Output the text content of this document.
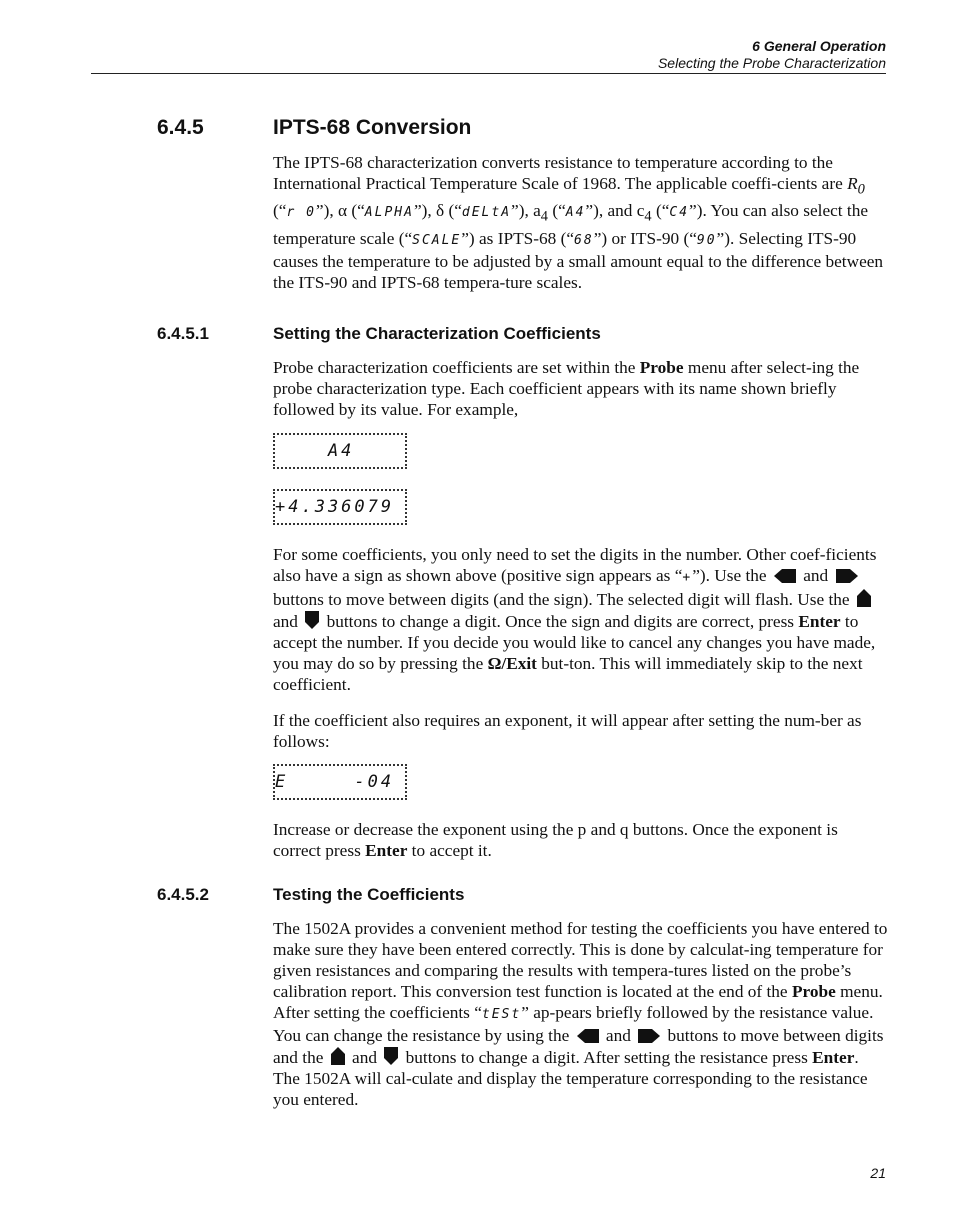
6 General Operation
Selecting the Probe Characterization
6.4.5	IPTS-68 Conversion

The IPTS-68 characterization converts resistance to temperature according to the International Practical Temperature Scale of 1968. The applicable coeffi-cients are $R_0$ (“r 0”), α (“ALPHA”), δ (“dELtA”), $a_4$ (“A4”), and $c_4$ (“C4”). You can also select the temperature scale (“SCALE”) as IPTS-68 (“68”) or ITS-90 (“90”). Selecting ITS-90 causes the temperature to be adjusted by a small amount equal to the difference between the ITS-90 and IPTS-68 tempera-ture scales.

6.4.5.1	Setting the Characterization Coefficients

Probe characterization coefficients are set within the Probe menu after select-ing the probe characterization type. Each coefficient appears with its name shown briefly followed by its value. For example,

A4
+4.336079

For some coefficients, you only need to set the digits in the number. Other coef-ficients also have a sign as shown above (positive sign appears as “+”). Use the  and  buttons to move between digits (and the sign). The selected digit will flash. Use the  and  buttons to change a digit. Once the sign and digits are correct, press Enter to accept the number. If you decide you would like to cancel any changes you have made, you may do so by pressing the Ω/Exit but-ton. This will immediately skip to the next coefficient.

If the coefficient also requires an exponent, it will appear after setting the num-ber as follows:

E     -04

Increase or decrease the exponent using the p and q buttons. Once the exponent is correct press Enter to accept it.

6.4.5.2	Testing the Coefficients

The 1502A provides a convenient method for testing the coefficients you have entered to make sure they have been entered correctly. This is done by calculat-ing temperature for given resistances and comparing the results with tempera-tures listed on the probe’s calibration report. This conversion test function is located at the end of the Probe menu. After setting the coefficients “tESt” ap-pears briefly followed by the resistance value. You can change the resistance by using the  and  buttons to move between digits and the  and  buttons to change a digit. After setting the resistance press Enter. The 1502A will cal-culate and display the temperature corresponding to the resistance you entered.

21
